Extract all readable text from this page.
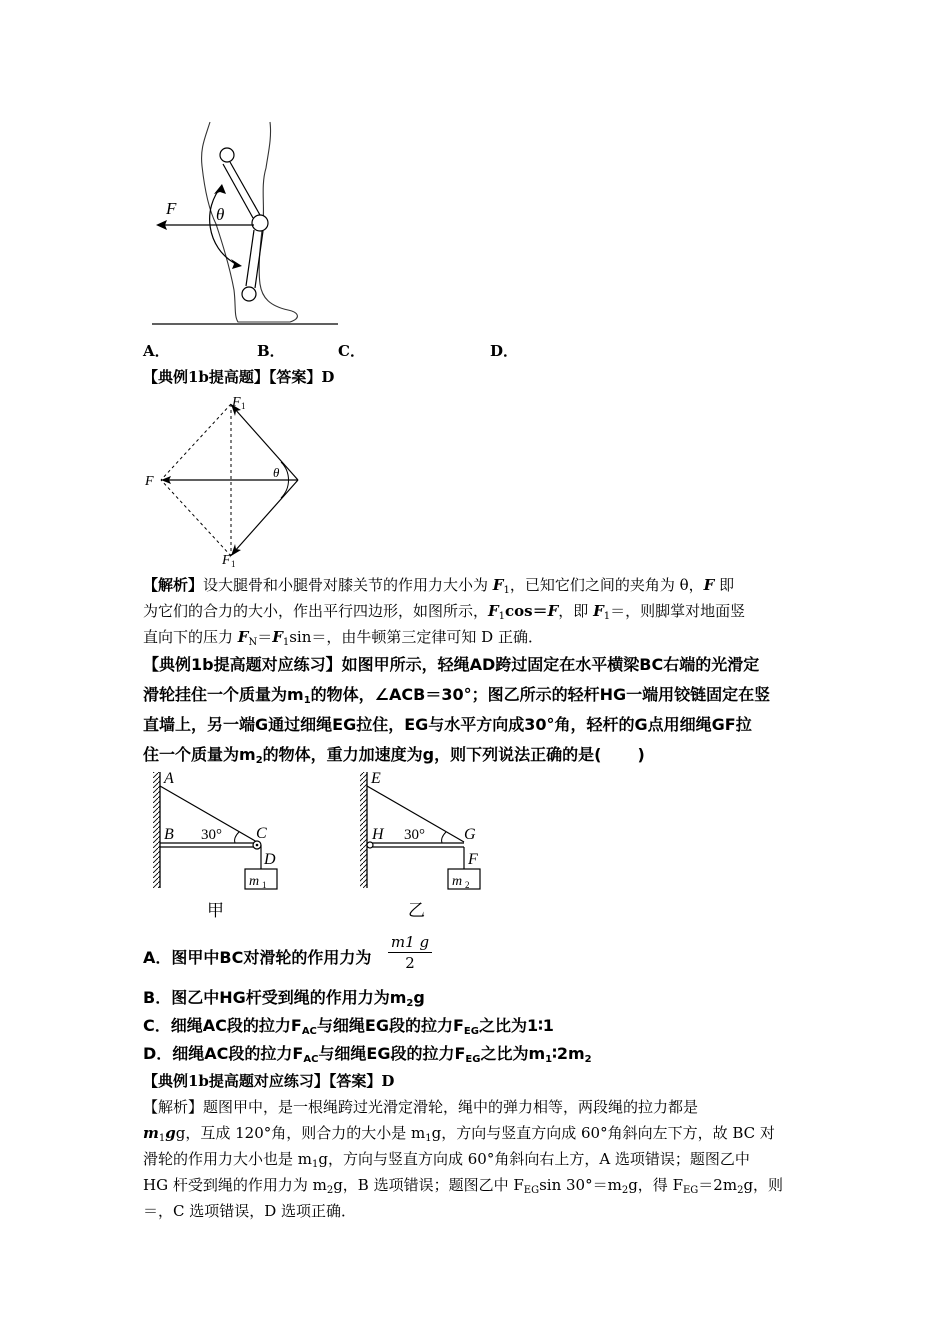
F θ
A．	B．	C．	D．
【典例1b提高题】【答案】D
θ
F 1
F
F 1
【解析】设大腿骨和小腿骨对膝关节的作用力大小为 $F_1$，已知它们之间的夹角为 θ，F 即
为它们的合力的大小，作出平行四边形，如图所示，$F_1\cos=F$，即 $F_1=$，则脚掌对地面竖
直向下的压力 $F_N=F_1\sin=$，由牛顿第三定律可知 D 正确．
【典例1b提高题对应练习】如图甲所示，轻绳AD跨过固定在水平横梁BC右端的光滑定
滑轮挂住一个质量为$m_1$的物体，∠ACB＝30°；图乙所示的轻杆HG一端用铰链固定在竖
直墙上，另一端G通过细绳EG拉住，EG与水平方向成30°角，轻杆的G点用细绳GF拉
住一个质量为$m_2$的物体，重力加速度为g，则下列说法正确的是( )
m 1
A
B 30° C
D
甲
m 2
E
H 30° G
F
乙
A．图甲中BC对滑轮的作用力为 $\frac{m1 g}{2}$
B．图乙中HG杆受到绳的作用力为$m_2g$
C．细绳AC段的拉力$F_{AC}$与细绳EG段的拉力$F_{EG}$之比为1∶1
D．细绳AC段的拉力$F_{AC}$与细绳EG段的拉力$F_{EG}$之比为$m_1∶2m_2$
【典例1b提高题对应练习】【答案】D
【解析】题图甲中，是一根绳跨过光滑定滑轮，绳中的弹力相等，两段绳的拉力都是
$m_1gg$，互成 120°角，则合力的大小是 $m_1g$，方向与竖直方向成 60°角斜向左下方，故 BC 对
滑轮的作用力大小也是 $m_1g$，方向与竖直方向成 60°角斜向右上方，A 选项错误；题图乙中
HG 杆受到绳的作用力为 $m_2g$，B 选项错误；题图乙中 $F_{EG}\sin$ $30^\circ=m_2g$，得 $F_{EG}=2m_2g$，则
＝，C 选项错误，D 选项正确．
